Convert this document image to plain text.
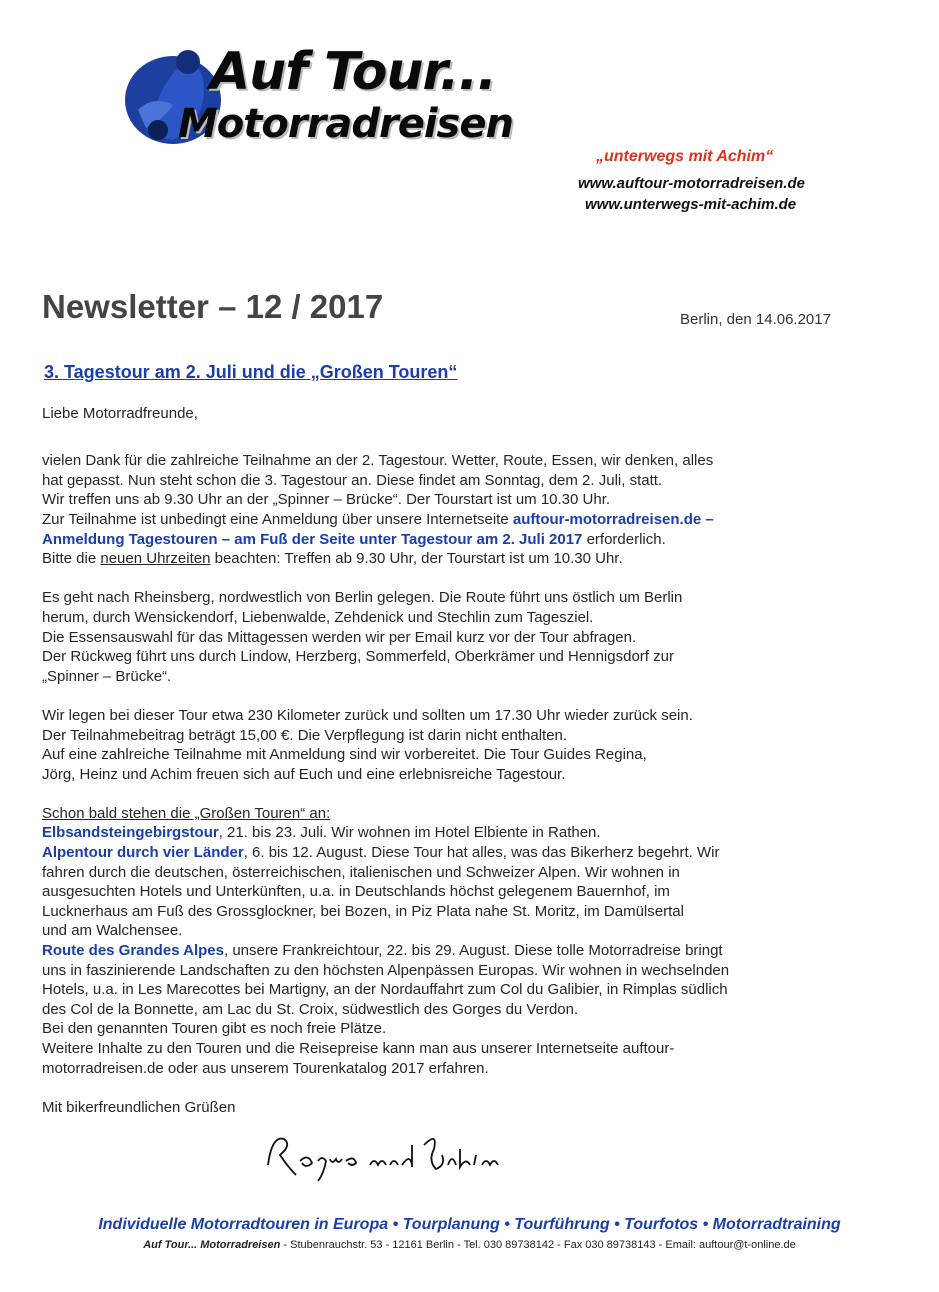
Auf Tour...
Motorradreisen
„unterwegs mit Achim“
www.auftour-motorradreisen.de
www.unterwegs-mit-achim.de
Newsletter – 12 / 2017	Berlin, den 14.06.2017
3. Tagestour am 2. Juli und die „Großen Touren“

Liebe Motorradfreunde,

vielen Dank für die zahlreiche Teilnahme an der 2. Tagestour. Wetter, Route, Essen, wir denken, alles

hat gepasst. Nun steht schon die 3. Tagestour an. Diese findet am Sonntag, dem 2. Juli, statt.

Wir treffen uns ab 9.30 Uhr an der „Spinner – Brücke“. Der Tourstart ist um 10.30 Uhr.

Zur Teilnahme ist unbedingt eine Anmeldung über unsere Internetseite auftour-motorradreisen.de –

Anmeldung Tagestouren – am Fuß der Seite unter Tagestour am 2. Juli 2017 erforderlich.

Bitte die neuen Uhrzeiten beachten: Treffen ab 9.30 Uhr, der Tourstart ist um 10.30 Uhr.

Es geht nach Rheinsberg, nordwestlich von Berlin gelegen. Die Route führt uns östlich um Berlin

herum, durch Wensickendorf, Liebenwalde, Zehdenick und Stechlin zum Tagesziel.

Die Essensauswahl für das Mittagessen werden wir per Email kurz vor der Tour abfragen.

Der Rückweg führt uns durch Lindow, Herzberg, Sommerfeld, Oberkrämer und Hennigsdorf zur

„Spinner – Brücke“.

Wir legen bei dieser Tour etwa 230 Kilometer zurück und sollten um 17.30 Uhr wieder zurück sein.

Der Teilnahmebeitrag beträgt 15,00 €. Die Verpflegung ist darin nicht enthalten.

Auf eine zahlreiche Teilnahme mit Anmeldung sind wir vorbereitet. Die Tour Guides Regina,

Jörg, Heinz und Achim freuen sich auf Euch und eine erlebnisreiche Tagestour.

Schon bald stehen die „Großen Touren“ an:

Elbsandsteingebirgstour, 21. bis 23. Juli. Wir wohnen im Hotel Elbiente in Rathen.

Alpentour durch vier Länder, 6. bis 12. August. Diese Tour hat alles, was das Bikerherz begehrt. Wir

fahren durch die deutschen, österreichischen, italienischen und Schweizer Alpen. Wir wohnen in

ausgesuchten Hotels und Unterkünften, u.a. in Deutschlands höchst gelegenem Bauernhof, im

Lucknerhaus am Fuß des Grossglockner, bei Bozen, in Piz Plata nahe St. Moritz, im Damülsertal

und am Walchensee.

Route des Grandes Alpes, unsere Frankreichtour, 22. bis 29. August. Diese tolle Motorradreise bringt

uns in faszinierende Landschaften zu den höchsten Alpenpässen Europas. Wir wohnen in wechselnden

Hotels, u.a. in Les Marecottes bei Martigny, an der Nordauffahrt zum Col du Galibier, in Rimplas südlich

des Col de la Bonnette, am Lac du St. Croix, südwestlich des Gorges du Verdon.

Bei den genannten Touren gibt es noch freie Plätze.

Weitere Inhalte zu den Touren und die Reisepreise kann man aus unserer Internetseite auftour-

motorradreisen.de oder aus unserem Tourenkatalog 2017 erfahren.

Mit bikerfreundlichen Grüßen

Individuelle Motorradtouren in Europa • Tourplanung • Tourführung • Tourfotos • Motorradtraining
Auf Tour... Motorradreisen - Stubenrauchstr. 53 - 12161 Berlin - Tel. 030 89738142 - Fax 030 89738143 - Email: auftour@t-online.de
